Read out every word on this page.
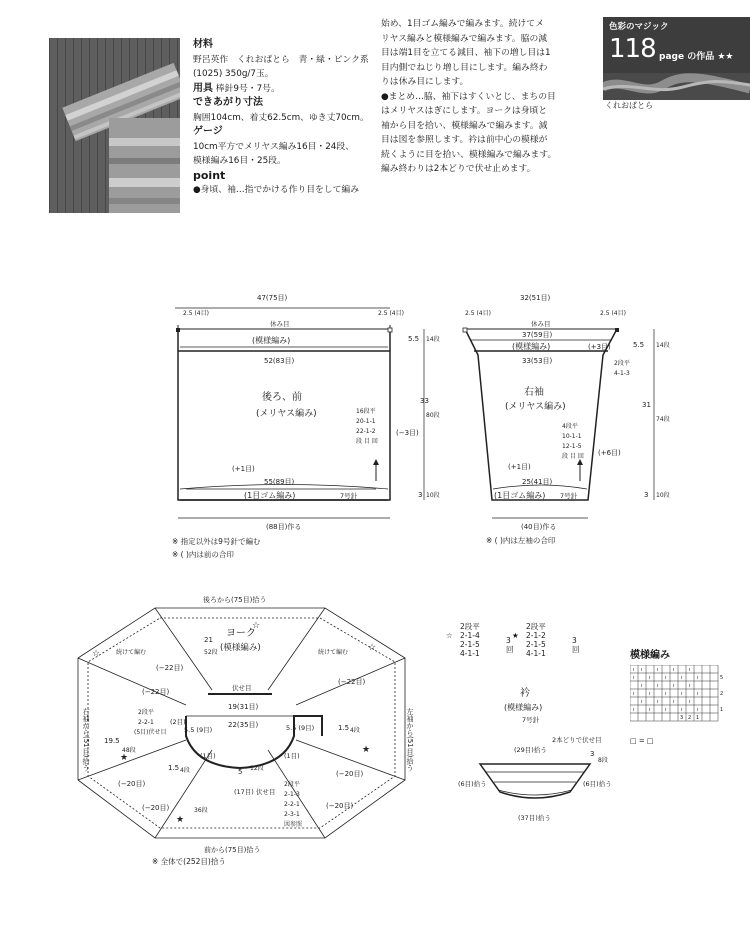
材料
野呂英作　くれおぱとら　青・緑・ピンク系
(1025) 350g/7玉。
用具 棒針9号・7号。
できあがり寸法
胸囲104cm、着丈62.5cm、ゆき丈70cm。
ゲージ
10cm平方でメリヤス編み16目・24段、
模様編み16目・25段。
point
●身頃、袖…指でかける作り目をして編み
始め、1目ゴム編みで編みます。続けてメ
リヤス編みと模様編みで編みます。脇の減
目は端1目を立てる減目、袖下の増し目は1
目内側でねじり増し目にします。編み終わ
りは休み目にします。
●まとめ…脇、袖下はすくいとじ、まちの目
はメリヤスはぎにします。ヨークは身頃と
袖から目を拾い、模様編みで編みます。減
目は図を参照します。衿は前中心の模様が
続くように目を拾い、模様編みで編みます。
編み終わりは2本どりで伏せ止めます。
色彩のマジック
118 page の作品 ★★
くれおぱとら
47(75目)
休み目
(模様編み)
52(83目)
後ろ、前
(メリヤス編み)	16段平
20-1-1
22-1-2
段 目 回
(−3目)
(+1目)
55(89目)
(1目ゴム編み)	7号針
(88目)作る
2.5 (4目)	2.5 (4目)
5.5 14段
33
80段
3 10段
※ 指定以外は9号針で編む
※ ( )内は前の合印
32(51目)
休み目
37(59目)
(模様編み)
33(53目)
(+3目)
右袖
(メリヤス編み)
2段平
4-1-3
4段平
10-1-1
12-1-5
段 目 回 (+6目)
(+1目)
25(41目)
(1目ゴム編み) 7号針
(40目)作る
2.5 (4目)	2.5 (4目)
5.5 14段
31
74段
3 10段
※ ( )内は左袖の合印
後ろから(75目)拾う
前から(75目)拾う
右袖から(51目)拾う	左袖から(51目)拾う
ヨーク
(模様編み)
21
52段
伏せ目
19(31目)
22(35目)
続けて編む	続けて編む
(−22目)
(−22目)
(−22目)
(−20目)
(−20目)
(−20目)
(−20目)
2段平
2-2-1
(5目)伏せ目
2段平
2-1-3
2-2-1
2-3-1
図参照
5.5 (9目)	5.5 (9目)
19.5
48段
36段
(17目) 伏せ目
5 12段
1.5 4段
1.5 4段
(1目)	(1目)
(2目)
☆
★
★
★
☆
☆
※ 全体で(252目)拾う
☆
2段平
2-1-4
2-1-5
4-1-1
3回
★
2段平
2-1-2
2-1-5
4-1-1
3回
衿
(模様編み)
7号針
2本どりで伏せ目
(29目)拾う	3
8段
(6目)拾う	(6目)拾う
(37目)拾う
模様編み
ı ı	ı	ı	ı
ı	ı	ı	ı	ı
ı	ı	ı	ı
ı	ı	ı	ı	ı
ı	ı	ı	ı
ı	ı	ı	ı	ı
3 2 1
5
2
1
□ = □
